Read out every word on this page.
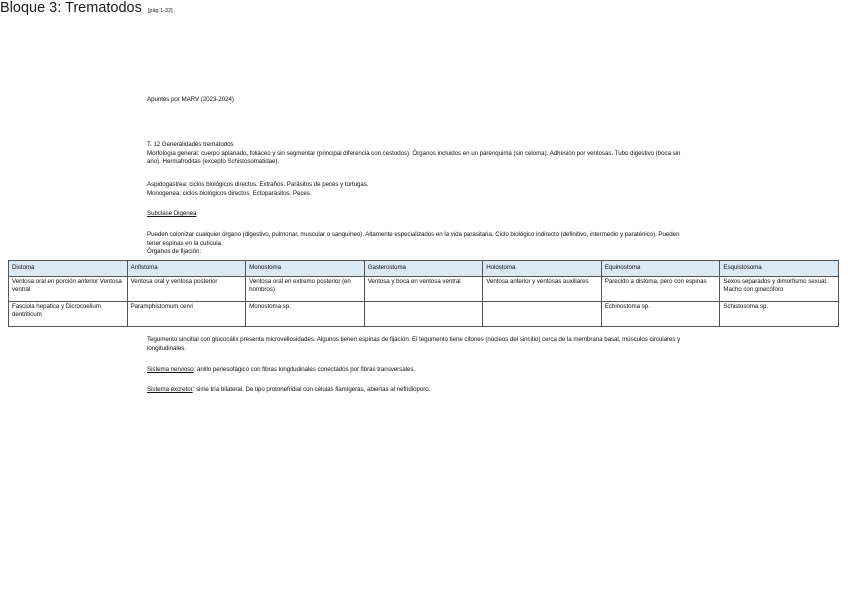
Apuntes por MARV (2023-2024)
Bloque 3: Trematodos [pág 1-32]

T. 12 Generalidades trematodos

Morfología general: cuerpo aplanado, foliáceo y sin segmentar (principal diferencia con cestodos). Órganos incluidos en un parénquima (sin celoma). Adhesión por ventosas. Tubo digestivo (boca sin ano). Hermafroditas (excepto Schistosomatidae).

Aspidogastrea: ciclos biológicos directos. Extraños. Parásitos de peces y tortugas.

Monogenea: ciclos biológicos directos. Ectoparásitos. Peces.

Subclase Digenea

Pueden colonizar cualquier órgano (digestivo, pulmonar, muscular o sanguíneo). Altamente especializados en la vida parasitaria. Ciclo biológico indirecto (definitivo, intermedio y paraténico). Pueden tener espinas en la cutícula.

Órganos de fijación:

Distoma	Anfistoma	Monostoma	Gasterostoma	Holostoma	Equinostoma	Esquistosoma
Ventosa oral en porción anterior Ventosa ventral	Ventosa oral y ventosa posterior	Ventosa oral en extremo posterior (en hombros)	Ventosa y boca en ventosa ventral	Ventosa anterior y ventosas auxiliares	Parecido a distoma, pero con espinas	Sexos separados y dimorfismo sexual. Macho con ginecóforo
Fasciola hepatica y Dicrocoelium dentriticum	Paramphistomum cervi	Monostoma sp.			Echinostoma sp.	Schistosoma sp.
Tegumento sincitial con glucocálix presenta microvellosidades. Algunos tienen espinas de fijación. El tegumento tiene citones (núcleos del sincitio) cerca de la membrana basal, músculos circulares y longitudinales.
Sistema nervioso: anillo periesofágico con fibras longitudinales conectados por fibras transversales.
Sistema excretor: sime tría bilateral. De tipo protonefridial con células flamígeras, abiertas al nefridioporo.
